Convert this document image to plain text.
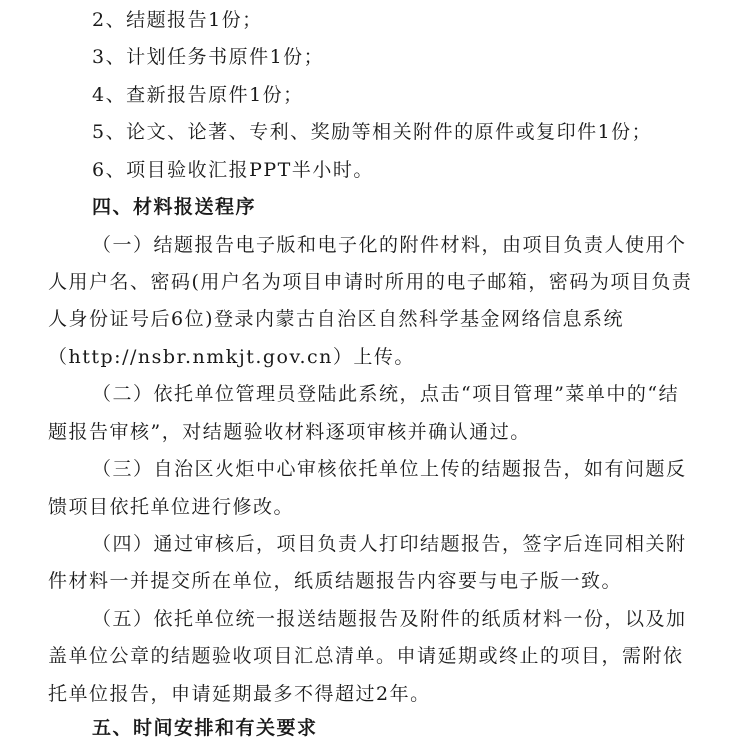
2、结题报告1份；
3、计划任务书原件1份；
4、查新报告原件1份；
5、论文、论著、专利、奖励等相关附件的原件或复印件1份；
6、项目验收汇报PPT半小时。
四、材料报送程序
（一）结题报告电子版和电子化的附件材料，由项目负责人使用个
人用户名、密码(用户名为项目申请时所用的电子邮箱，密码为项目负责
人身份证号后6位)登录内蒙古自治区自然科学基金网络信息系统
（http://nsbr.nmkjt.gov.cn）上传。
（二）依托单位管理员登陆此系统，点击“项目管理”菜单中的“结
题报告审核”，对结题验收材料逐项审核并确认通过。
（三）自治区火炬中心审核依托单位上传的结题报告，如有问题反
馈项目依托单位进行修改。
（四）通过审核后，项目负责人打印结题报告，签字后连同相关附
件材料一并提交所在单位，纸质结题报告内容要与电子版一致。
（五）依托单位统一报送结题报告及附件的纸质材料一份，以及加
盖单位公章的结题验收项目汇总清单。申请延期或终止的项目，需附依
托单位报告，申请延期最多不得超过2年。
五、时间安排和有关要求
